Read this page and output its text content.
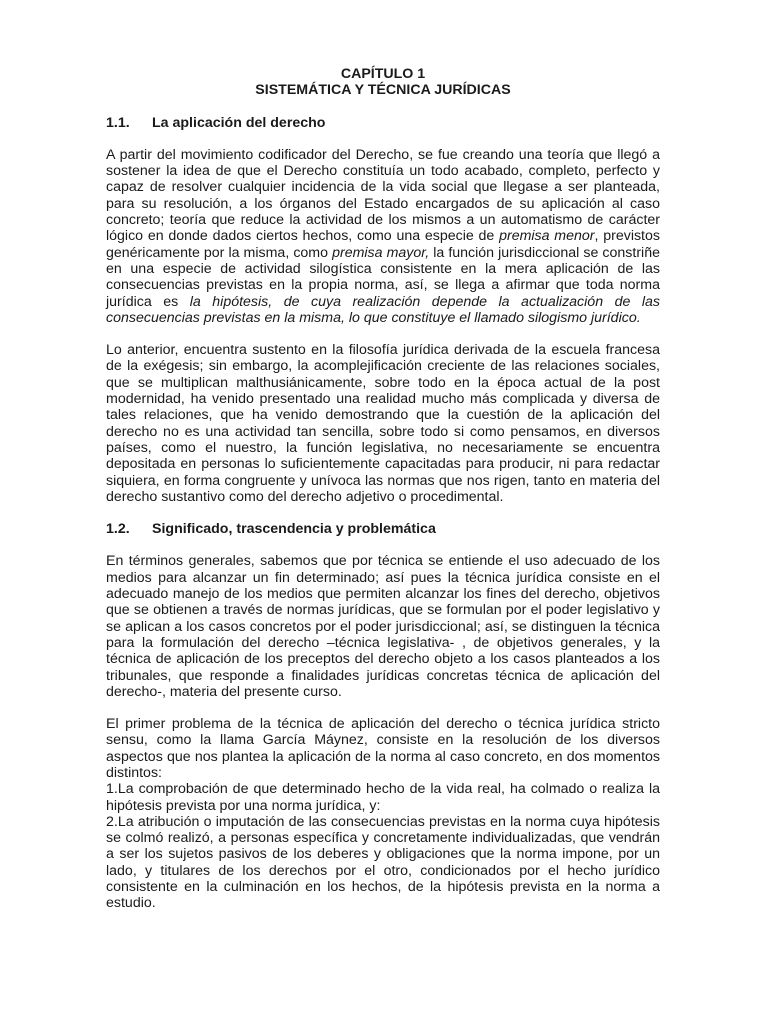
CAPÍTULO 1

SISTEMÁTICA Y TÉCNICA JURÍDICAS

1.1.	La aplicación del derecho

A partir del movimiento codificador del Derecho, se fue creando una teoría que llegó a sostener la idea de que el Derecho constituía un todo acabado, completo, perfecto y capaz de resolver cualquier incidencia de la vida social que llegase a ser planteada, para su resolución, a los órganos del Estado encargados de su aplicación al caso concreto; teoría que reduce la actividad de los mismos a un automatismo de carácter lógico en donde dados ciertos hechos, como una especie de premisa menor, previstos genéricamente por la misma, como premisa mayor, la función jurisdiccional se constriñe en una especie de actividad silogística consistente en la mera aplicación de las consecuencias previstas en la propia norma, así, se llega a afirmar que toda norma jurídica es la hipótesis, de cuya realización depende la actualización de las consecuencias previstas en la misma, lo que constituye el llamado silogismo jurídico.

Lo anterior, encuentra sustento en la filosofía jurídica derivada de la escuela francesa de la exégesis; sin embargo, la acomplejificación creciente de las relaciones sociales, que se multiplican malthusiánicamente, sobre todo en la época actual de la post modernidad, ha venido presentado una realidad mucho más complicada y diversa de tales relaciones, que ha venido demostrando que la cuestión de la aplicación del derecho no es una actividad tan sencilla, sobre todo si como pensamos, en diversos países, como el nuestro, la función legislativa, no necesariamente se encuentra depositada en personas lo suficientemente capacitadas para producir, ni para redactar siquiera, en forma congruente y unívoca las normas que nos rigen, tanto en materia del derecho sustantivo como del derecho adjetivo o procedimental.

1.2.	Significado, trascendencia y problemática

En términos generales, sabemos que por técnica se entiende el uso adecuado de los medios para alcanzar un fin determinado; así pues la técnica jurídica consiste en el adecuado manejo de los medios que permiten alcanzar los fines del derecho, objetivos que se obtienen a través de normas jurídicas, que se formulan por el poder legislativo y se aplican a los casos concretos por el poder jurisdiccional; así, se distinguen la técnica para la formulación del derecho –técnica legislativa- , de objetivos generales, y la técnica de aplicación de los preceptos del derecho objeto a los casos planteados a los tribunales, que responde a finalidades jurídicas concretas técnica de aplicación del derecho-, materia del presente curso.

El primer problema de la técnica de aplicación del derecho o técnica jurídica stricto sensu, como la llama García Máynez, consiste en la resolución de los diversos aspectos que nos plantea la aplicación de la norma al caso concreto, en dos momentos distintos:

1.La comprobación de que determinado hecho de la vida real, ha colmado o realiza la hipótesis prevista por una norma jurídica, y:

2.La atribución o imputación de las consecuencias previstas en la norma cuya hipótesis se colmó realizó, a personas específica y concretamente individualizadas, que vendrán a ser los sujetos pasivos de los deberes y obligaciones que la norma impone, por un lado, y titulares de los derechos por el otro, condicionados por el hecho jurídico consistente en la culminación en los hechos, de la hipótesis prevista en la norma a estudio.
